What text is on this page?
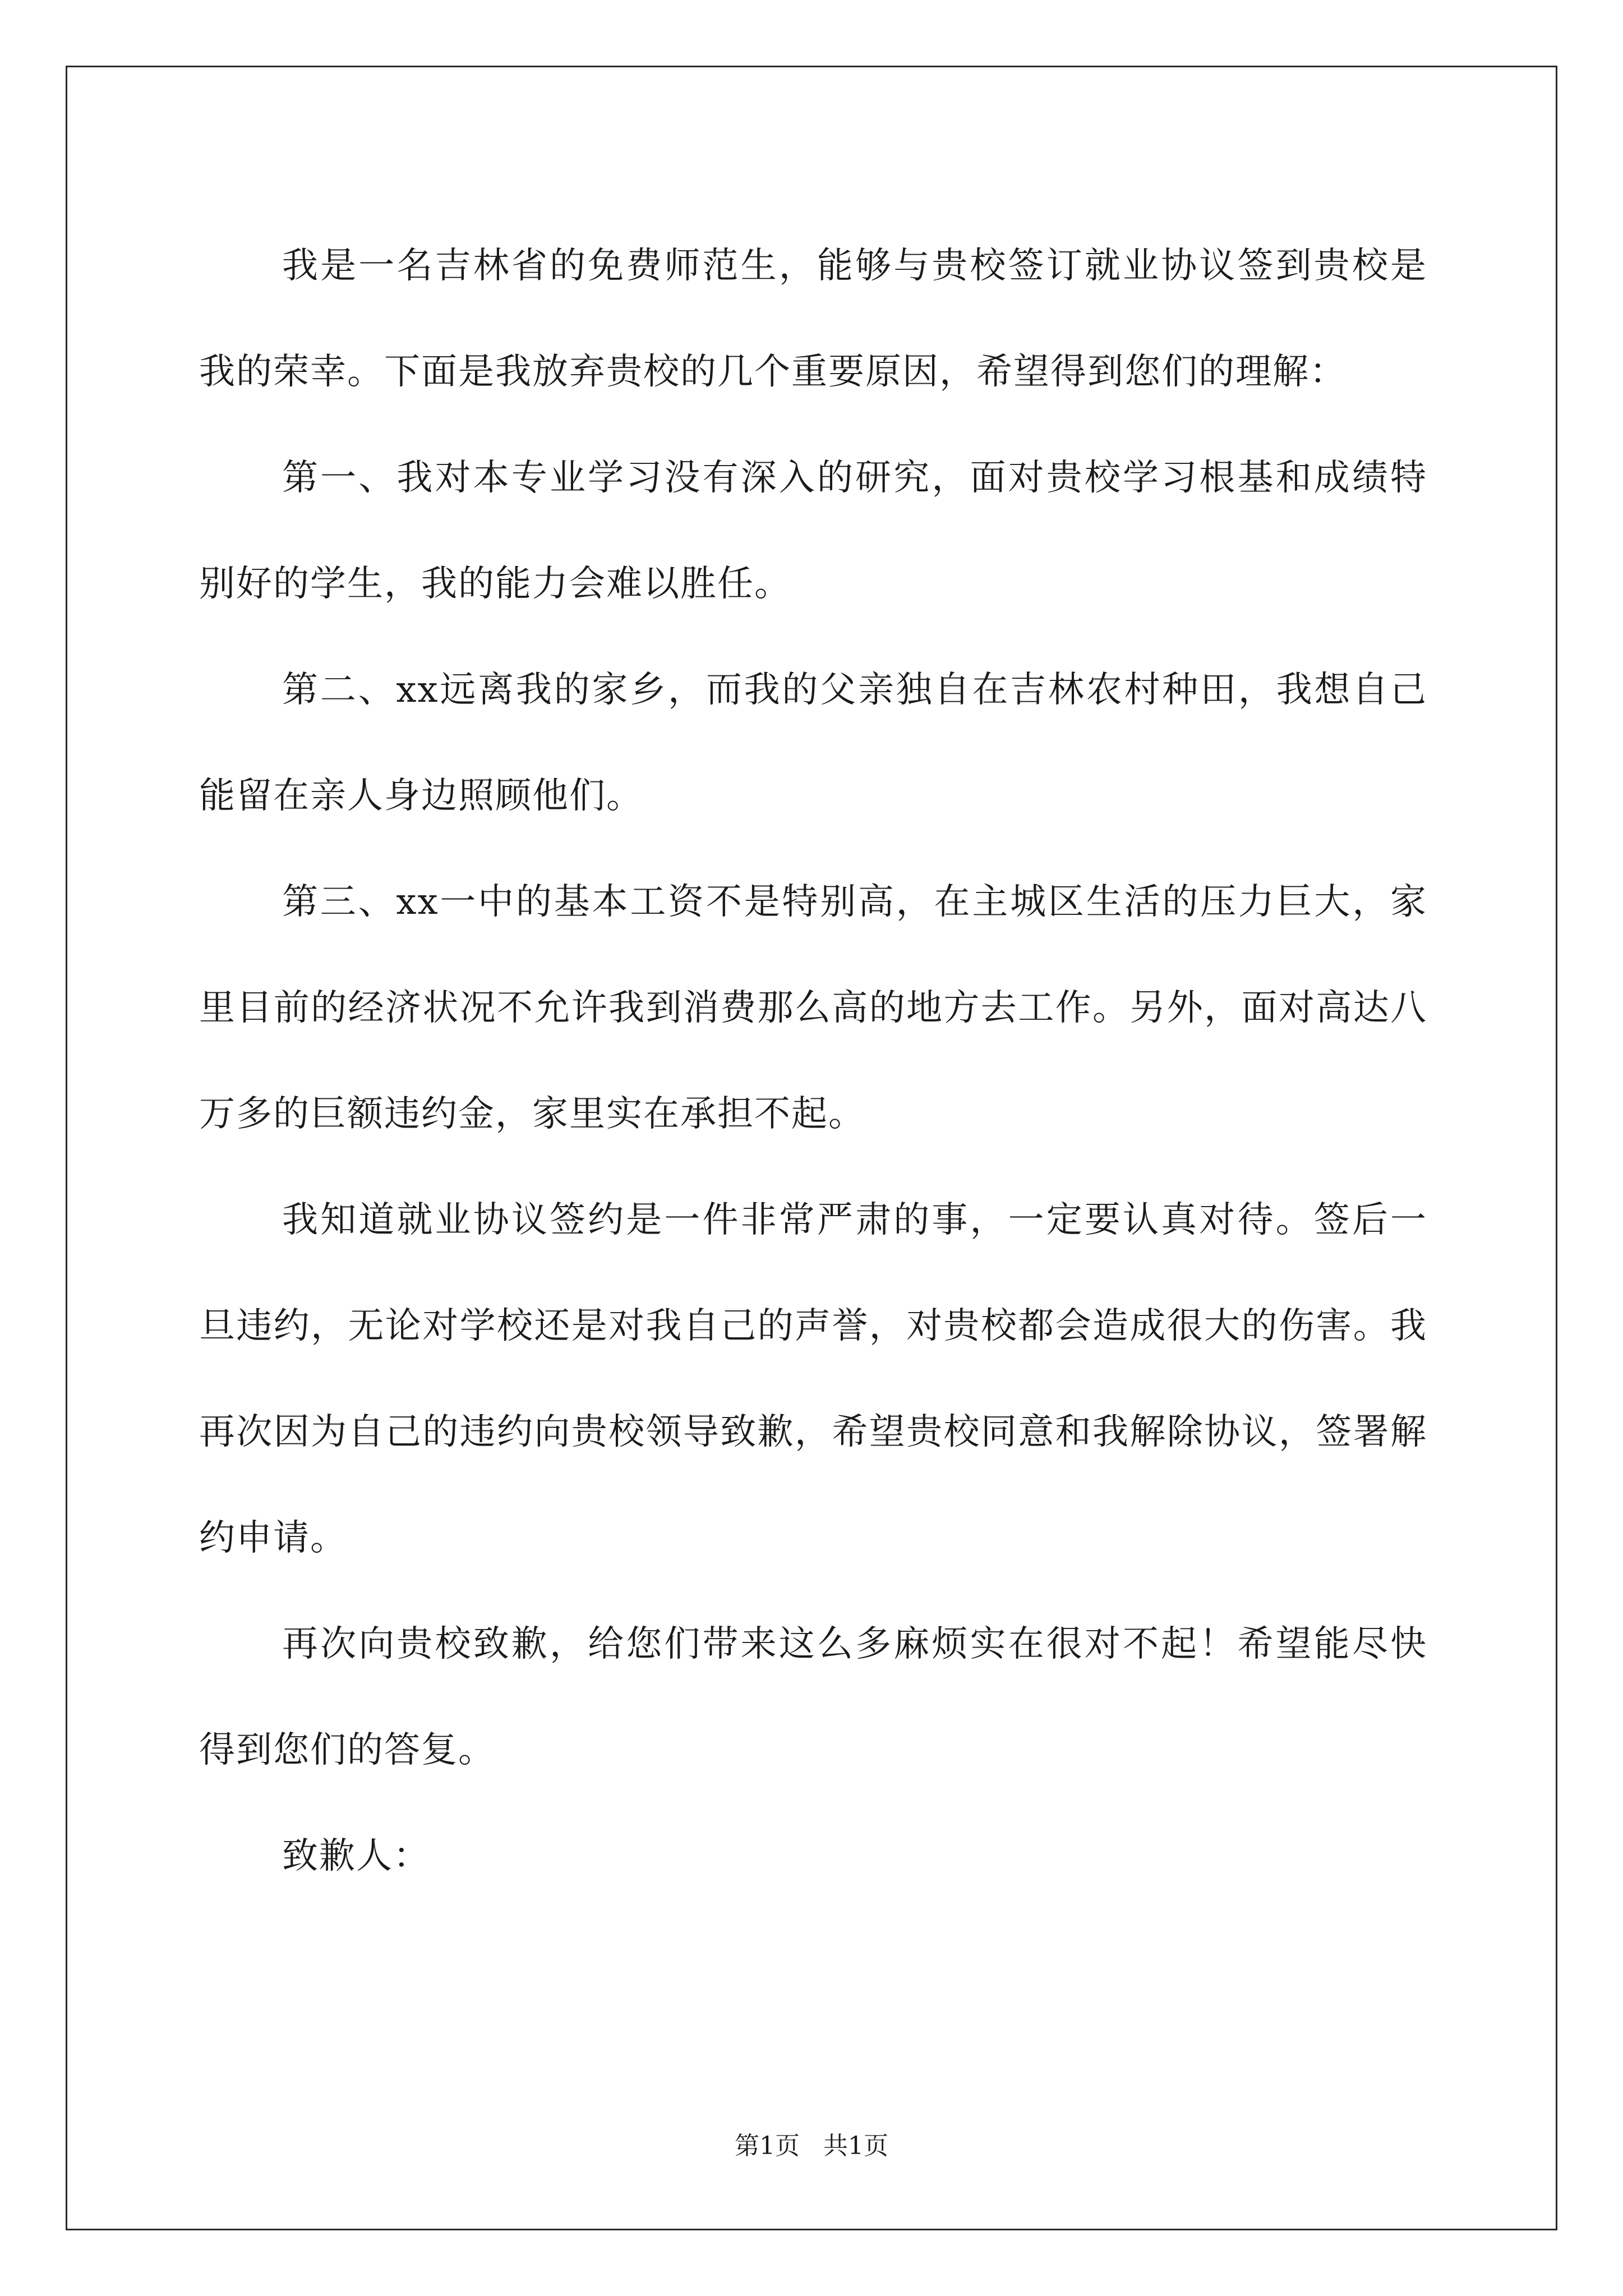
我是一名吉林省的免费师范生，能够与贵校签订就业协议签到贵校是我的荣幸。下面是我放弃贵校的几个重要原因，希望得到您们的理解：

第一、我对本专业学习没有深入的研究，面对贵校学习根基和成绩特别好的学生，我的能力会难以胜任。

第二、xx远离我的家乡，而我的父亲独自在吉林农村种田，我想自己能留在亲人身边照顾他们。

第三、xx一中的基本工资不是特别高，在主城区生活的压力巨大，家里目前的经济状况不允许我到消费那么高的地方去工作。另外，面对高达八万多的巨额违约金，家里实在承担不起。

我知道就业协议签约是一件非常严肃的事，一定要认真对待。签后一旦违约，无论对学校还是对我自己的声誉，对贵校都会造成很大的伤害。我再次因为自己的违约向贵校领导致歉，希望贵校同意和我解除协议，签署解约申请。

再次向贵校致歉，给您们带来这么多麻烦实在很对不起！希望能尽快得到您们的答复。

致歉人：

第1页 共1页
